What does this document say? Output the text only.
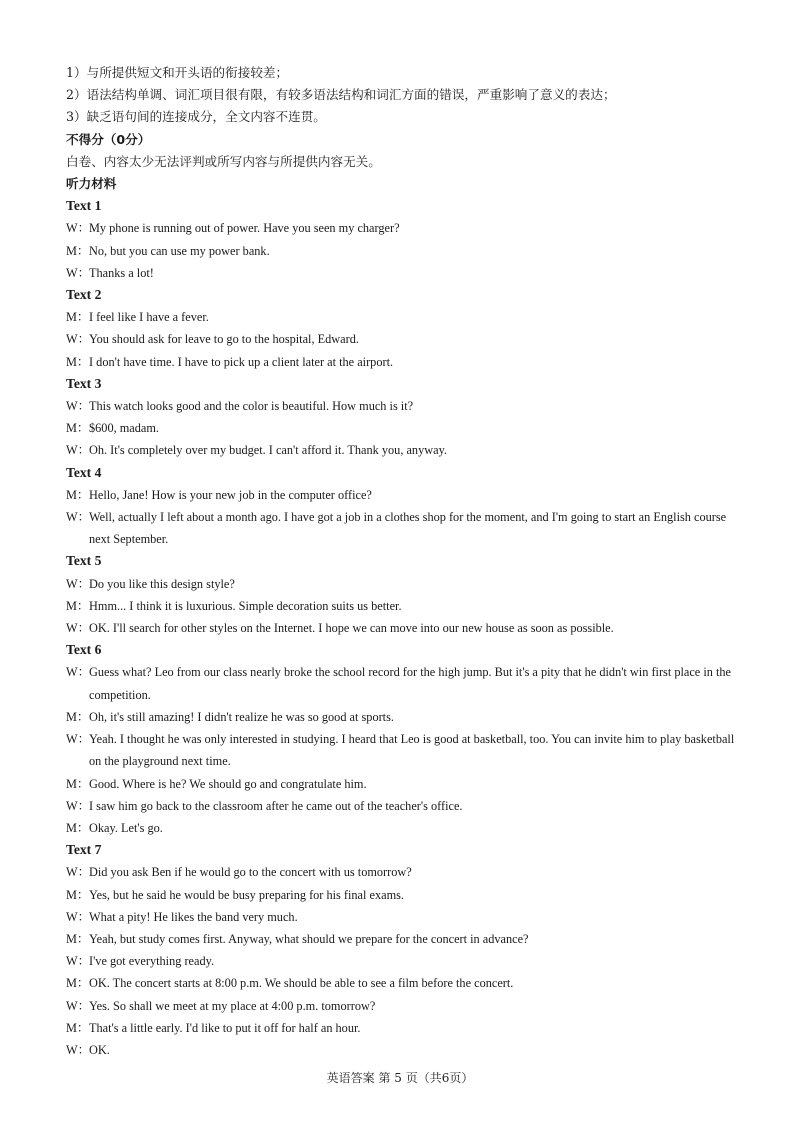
1）与所提供短文和开头语的衔接较差；
2）语法结构单调、词汇项目很有限，有较多语法结构和词汇方面的错误，严重影响了意义的表达；
3）缺乏语句间的连接成分，全文内容不连贯。
不得分（0分）
白卷、内容太少无法评判或所写内容与所提供内容无关。
听力材料
Text 1
W：My phone is running out of power. Have you seen my charger?
M：No, but you can use my power bank.
W：Thanks a lot!
Text 2
M：I feel like I have a fever.
W：You should ask for leave to go to the hospital, Edward.
M：I don't have time. I have to pick up a client later at the airport.
Text 3
W：This watch looks good and the color is beautiful. How much is it?
M：$600, madam.
W：Oh. It's completely over my budget. I can't afford it. Thank you, anyway.
Text 4
M：Hello, Jane! How is your new job in the computer office?
W：Well, actually I left about a month ago. I have got a job in a clothes shop for the moment, and I'm going to start an English course next September.
Text 5
W：Do you like this design style?
M：Hmm... I think it is luxurious. Simple decoration suits us better.
W：OK. I'll search for other styles on the Internet. I hope we can move into our new house as soon as possible.
Text 6
W：Guess what? Leo from our class nearly broke the school record for the high jump. But it's a pity that he didn't win first place in the competition.
M：Oh, it's still amazing! I didn't realize he was so good at sports.
W：Yeah. I thought he was only interested in studying. I heard that Leo is good at basketball, too. You can invite him to play basketball on the playground next time.
M：Good. Where is he? We should go and congratulate him.
W：I saw him go back to the classroom after he came out of the teacher's office.
M：Okay. Let's go.
Text 7
W：Did you ask Ben if he would go to the concert with us tomorrow?
M：Yes, but he said he would be busy preparing for his final exams.
W：What a pity! He likes the band very much.
M：Yeah, but study comes first. Anyway, what should we prepare for the concert in advance?
W：I've got everything ready.
M：OK. The concert starts at 8:00 p.m. We should be able to see a film before the concert.
W：Yes. So shall we meet at my place at 4:00 p.m. tomorrow?
M：That's a little early. I'd like to put it off for half an hour.
W：OK.
英语答案 第 5 页（共6页）
